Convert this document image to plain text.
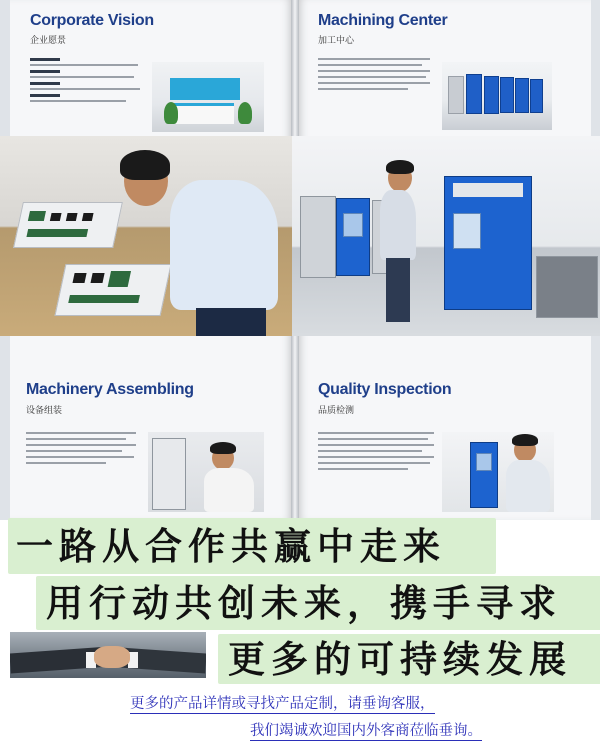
Corporate Vision
企业愿景
Machining Center
加工中心
Machinery Assembling
设备组装
Quality Inspection
品质检测
一路从合作共赢中走来
用行动共创未来，携手寻求
更多的可持续发展
更多的产品详情或寻找产品定制，请垂询客服，
我们竭诚欢迎国内外客商莅临垂询。
